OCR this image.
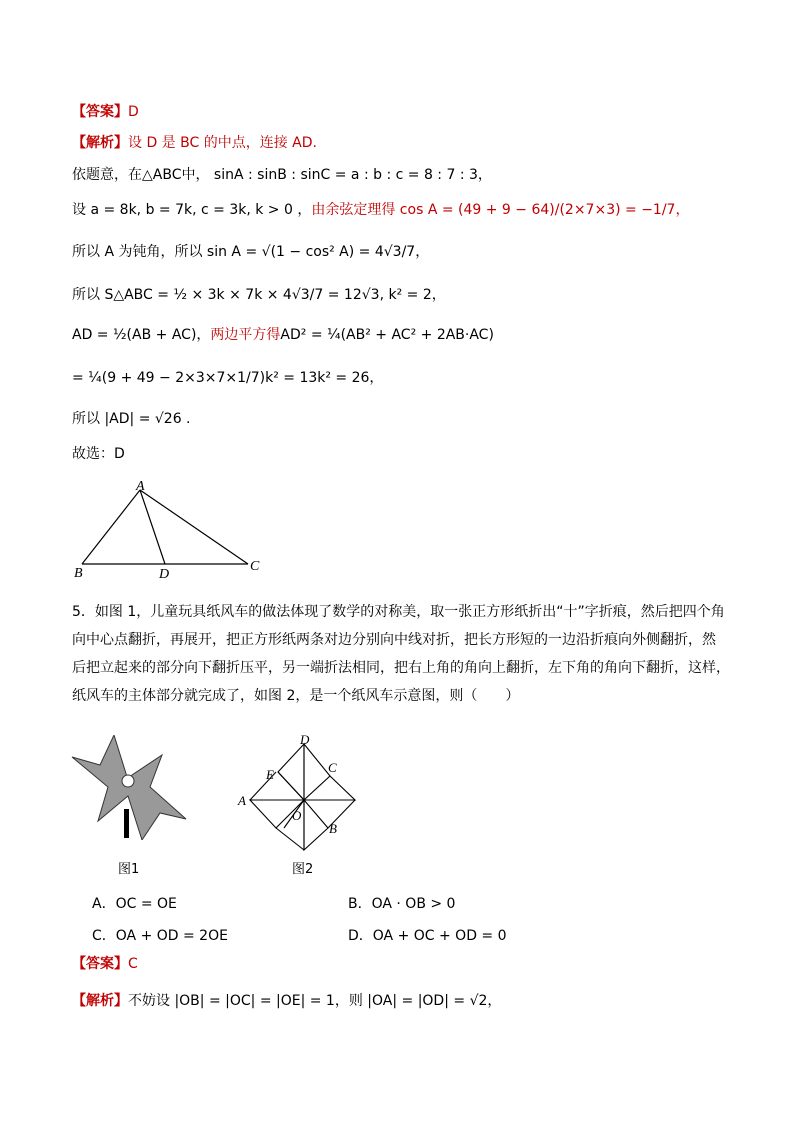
【答案】D
【解析】设 D 是 BC 的中点，连接 AD.
依题意，在△ABC中， sinA : sinB : sinC = a : b : c = 8 : 7 : 3，
设 a = 8k, b = 7k, c = 3k, k > 0 ，由余弦定理得 cos A = (49 + 9 − 64)/(2×7×3) = −1/7，
所以 A 为钝角，所以 sin A = √(1 − cos² A) = 4√3/7，
所以 S△ABC = ½ × 3k × 7k × 4√3/7 = 12√3, k² = 2，
AD = ½(AB + AC)，两边平方得AD² = ¼(AB² + AC² + 2AB·AC)
= ¼(9 + 49 − 2×3×7×1/7)k² = 13k² = 26，
所以 |AD| = √26 .
故选：D
A
B	C
D
5．如图 1，儿童玩具纸风车的做法体现了数学的对称美，取一张正方形纸折出“十”字折痕，然后把四个角
向中心点翻折，再展开，把正方形纸两条对边分别向中线对折，把长方形短的一边沿折痕向外侧翻折，然
后把立起来的部分向下翻折压平，另一端折法相同，把右上角的角向上翻折，左下角的角向下翻折，这样，
纸风车的主体部分就完成了，如图 2，是一个纸风车示意图，则（　　）
图1
D
E	C
A
O
B
图2
A．OC = OE	B．OA · OB > 0
C．OA + OD = 2OE	D．OA + OC + OD = 0
【答案】C
【解析】不妨设 |OB| = |OC| = |OE| = 1，则 |OA| = |OD| = √2，
